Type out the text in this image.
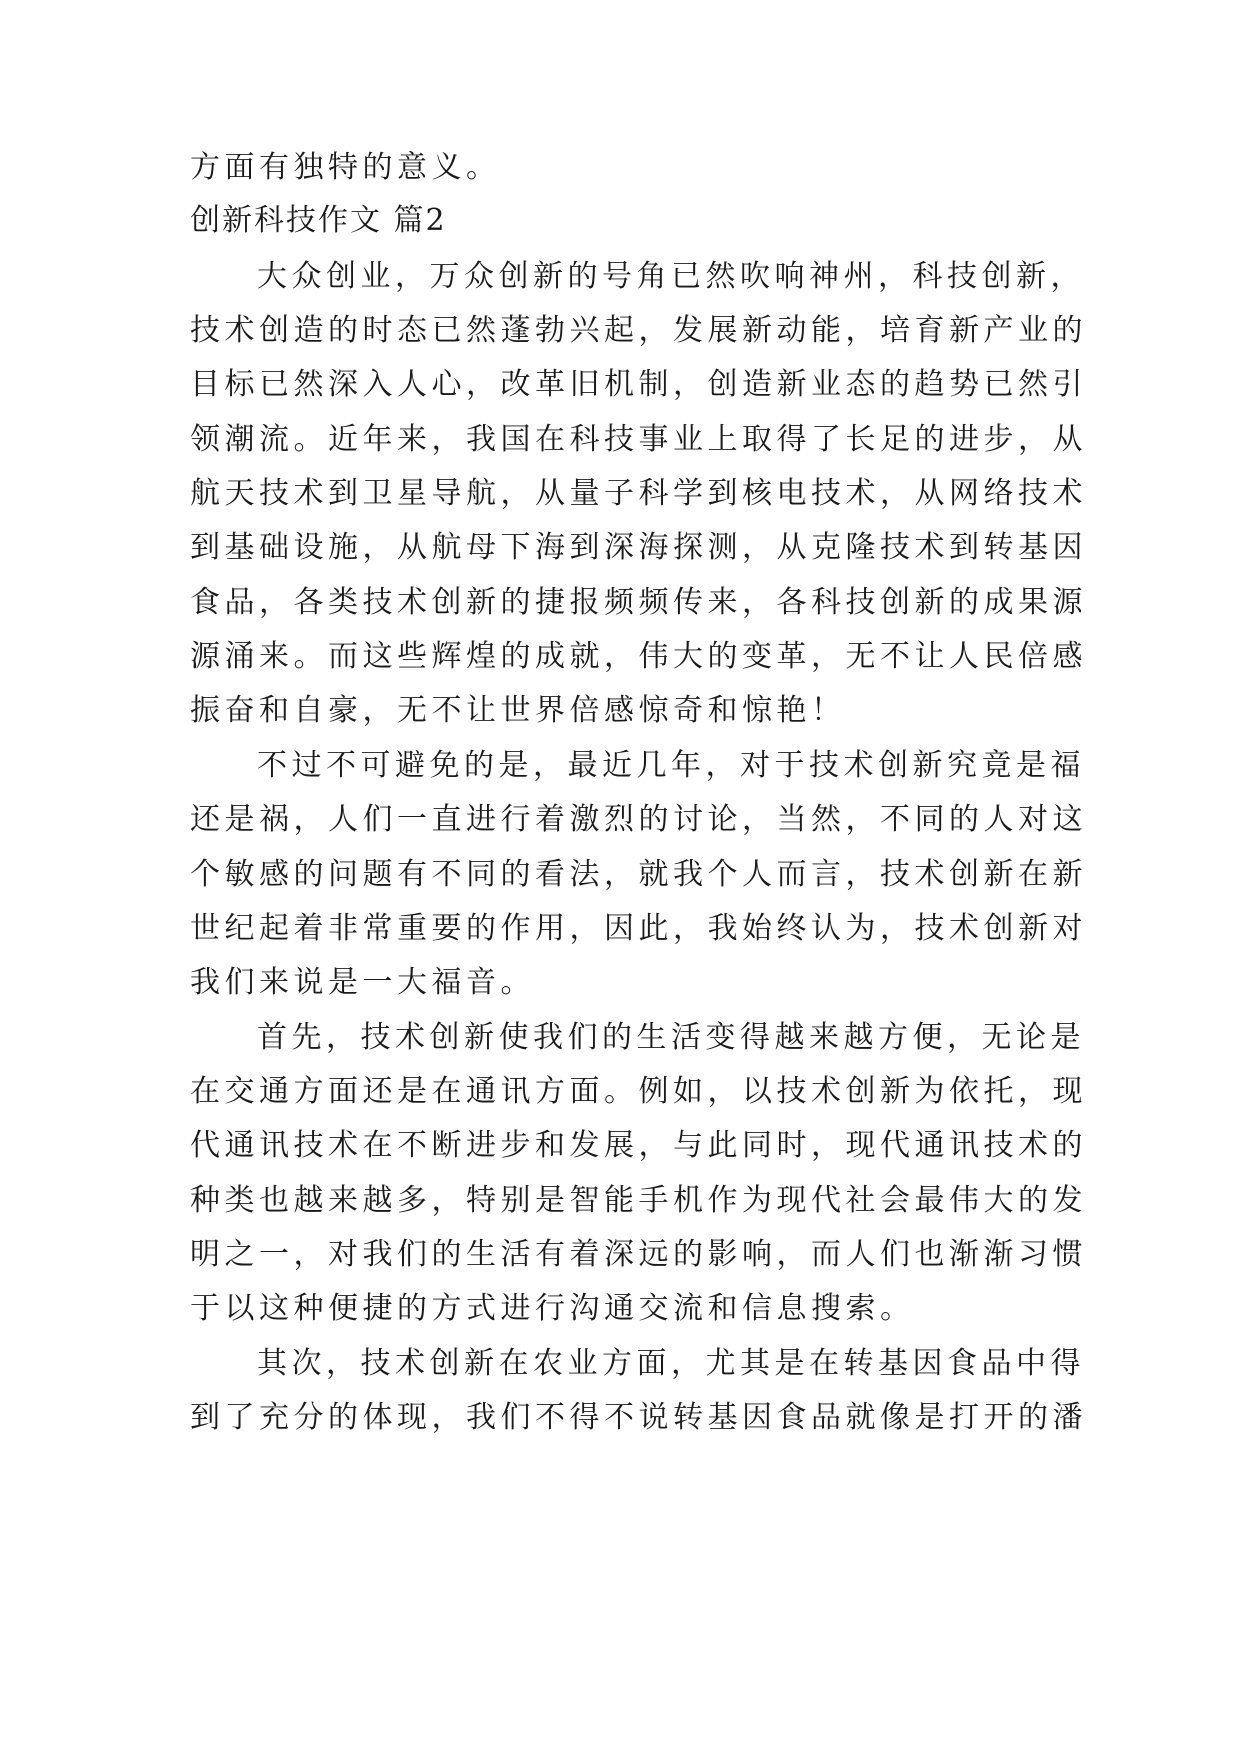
方面有独特的意义。
创新科技作文 篇2
大众创业，万众创新的号角已然吹响神州，科技创新，
技术创造的时态已然蓬勃兴起，发展新动能，培育新产业的
目标已然深入人心，改革旧机制，创造新业态的趋势已然引
领潮流。近年来，我国在科技事业上取得了长足的进步，从
航天技术到卫星导航，从量子科学到核电技术，从网络技术
到基础设施，从航母下海到深海探测，从克隆技术到转基因
食品，各类技术创新的捷报频频传来，各科技创新的成果源
源涌来。而这些辉煌的成就，伟大的变革，无不让人民倍感
振奋和自豪，无不让世界倍感惊奇和惊艳！
不过不可避免的是，最近几年，对于技术创新究竟是福
还是祸，人们一直进行着激烈的讨论，当然，不同的人对这
个敏感的问题有不同的看法，就我个人而言，技术创新在新
世纪起着非常重要的作用，因此，我始终认为，技术创新对
我们来说是一大福音。
首先，技术创新使我们的生活变得越来越方便，无论是
在交通方面还是在通讯方面。例如，以技术创新为依托，现
代通讯技术在不断进步和发展，与此同时，现代通讯技术的
种类也越来越多，特别是智能手机作为现代社会最伟大的发
明之一，对我们的生活有着深远的影响，而人们也渐渐习惯
于以这种便捷的方式进行沟通交流和信息搜索。
其次，技术创新在农业方面，尤其是在转基因食品中得
到了充分的体现，我们不得不说转基因食品就像是打开的潘
